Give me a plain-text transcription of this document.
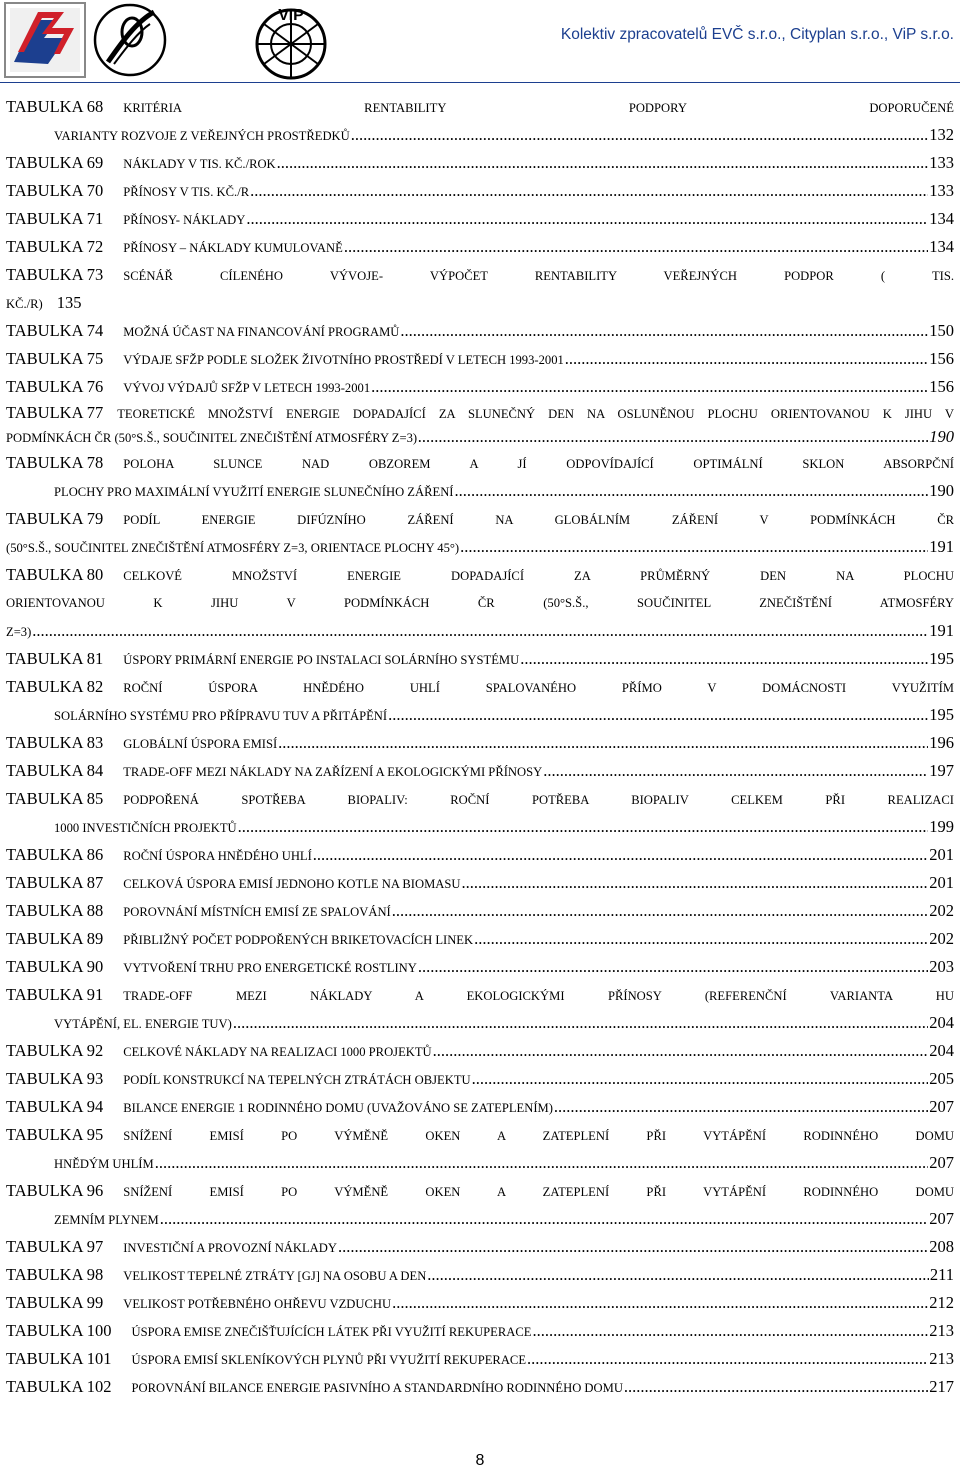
ViP
Kolektiv zpracovatelů EVČ s.r.o., Cityplan s.r.o., ViP s.r.o.
TABULKA 68 KRITÉRIA RENTABILITY PODPORY DOPORUČENÉ
VARIANTY ROZVOJE Z VEŘEJNÝCH PROSTŘEDKŮ .....	132
TABULKA 69 NÁKLADY V TIS. KČ./ROK .....	133
TABULKA 70 PŘÍNOSY V TIS. KČ./R .....	133
TABULKA 71 PŘÍNOSY- NÁKLADY .....	134
TABULKA 72 PŘÍNOSY – NÁKLADY KUMULOVANĚ .....	134
TABULKA 73 SCÉNÁŘ CÍLENÉHO VÝVOJE- VÝPOČET RENTABILITY VEŘEJNÝCH PODPOR ( TIS.
KČ./R) 135
TABULKA 74 MOŽNÁ ÚČAST NA FINANCOVÁNÍ PROGRAMŮ .....	150
TABULKA 75 VÝDAJE SFŽP PODLE SLOŽEK ŽIVOTNÍHO PROSTŘEDÍ V LETECH 1993-2001 .....	156
TABULKA 76 VÝVOJ VÝDAJŮ SFŽP V LETECH 1993-2001 .....	156
TABULKA 77 TEORETICKÉ MNOŽSTVÍ ENERGIE DOPADAJÍCÍ ZA SLUNEČNÝ DEN NA OSLUNĚNOU PLOCHU ORIENTOVANOU K JIHU V
PODMÍNKÁCH ČR (50°S.Š., SOUČINITEL ZNEČIŠTĚNÍ ATMOSFÉRY Z=3) .....	190
TABULKA 78 POLOHA SLUNCE NAD OBZOREM A JÍ ODPOVÍDAJÍCÍ OPTIMÁLNÍ SKLON ABSORPČNÍ
PLOCHY PRO MAXIMÁLNÍ VYUŽITÍ ENERGIE SLUNEČNÍHO ZÁŘENÍ .....	190
TABULKA 79 PODÍL ENERGIE DIFÚZNÍHO ZÁŘENÍ NA GLOBÁLNÍM ZÁŘENÍ V PODMÍNKÁCH ČR
(50°S.Š., SOUČINITEL ZNEČIŠTĚNÍ ATMOSFÉRY Z=3, ORIENTACE PLOCHY 45°) .....	191
TABULKA 80 CELKOVÉ MNOŽSTVÍ ENERGIE DOPADAJÍCÍ ZA PRŮMĚRNÝ DEN NA PLOCHU
ORIENTOVANOU K JIHU V PODMÍNKÁCH ČR (50°S.Š., SOUČINITEL ZNEČIŠTĚNÍ ATMOSFÉRY
Z=3) .....	191
TABULKA 81 ÚSPORY PRIMÁRNÍ ENERGIE PO INSTALACI SOLÁRNÍHO SYSTÉMU .....	195
TABULKA 82 ROČNÍ ÚSPORA HNĚDÉHO UHLÍ SPALOVANÉHO PŘÍMO V DOMÁCNOSTI VYUŽITÍM
SOLÁRNÍHO SYSTÉMU PRO PŘÍPRAVU TUV A PŘITÁPĚNÍ .....	195
TABULKA 83 GLOBÁLNÍ ÚSPORA EMISÍ .....	196
TABULKA 84 TRADE-OFF MEZI NÁKLADY NA ZAŘÍZENÍ A EKOLOGICKÝMI PŘÍNOSY .....	197
TABULKA 85 PODPOŘENÁ SPOTŘEBA BIOPALIV: ROČNÍ POTŘEBA BIOPALIV CELKEM PŘI REALIZACI
1000 INVESTIČNÍCH PROJEKTŮ .....	199
TABULKA 86 ROČNÍ ÚSPORA HNĚDÉHO UHLÍ .....	201
TABULKA 87 CELKOVÁ ÚSPORA EMISÍ JEDNOHO KOTLE NA BIOMASU .....	201
TABULKA 88 POROVNÁNÍ MÍSTNÍCH EMISÍ ZE SPALOVÁNÍ .....	202
TABULKA 89 PŘIBLIŽNÝ POČET PODPOŘENÝCH BRIKETOVACÍCH LINEK .....	202
TABULKA 90 VYTVOŘENÍ TRHU PRO ENERGETICKÉ ROSTLINY .....	203
TABULKA 91 TRADE-OFF MEZI NÁKLADY A EKOLOGICKÝMI PŘÍNOSY (REFERENČNÍ VARIANTA HU
VYTÁPĚNÍ, EL. ENERGIE TUV) .....	204
TABULKA 92 CELKOVÉ NÁKLADY NA REALIZACI 1000 PROJEKTŮ .....	204
TABULKA 93 PODÍL KONSTRUKCÍ NA TEPELNÝCH ZTRÁTÁCH OBJEKTU .....	205
TABULKA 94 BILANCE ENERGIE 1 RODINNÉHO DOMU (UVAŽOVÁNO SE ZATEPLENÍM) .....	207
TABULKA 95 SNÍŽENÍ EMISÍ PO VÝMĚNĚ OKEN A ZATEPLENÍ PŘI VYTÁPĚNÍ RODINNÉHO DOMU
HNĚDÝM UHLÍM .....	207
TABULKA 96 SNÍŽENÍ EMISÍ PO VÝMĚNĚ OKEN A ZATEPLENÍ PŘI VYTÁPĚNÍ RODINNÉHO DOMU
ZEMNÍM PLYNEM .....	207
TABULKA 97 INVESTIČNÍ A PROVOZNÍ NÁKLADY .....	208
TABULKA 98 VELIKOST TEPELNÉ ZTRÁTY [GJ] NA OSOBU A DEN .....	211
TABULKA 99 VELIKOST POTŘEBNÉHO OHŘEVU VZDUCHU .....	212
TABULKA 100 ÚSPORA EMISE ZNEČIŠŤUJÍCÍCH LÁTEK PŘI VYUŽITÍ REKUPERACE .....	213
TABULKA 101 ÚSPORA EMISÍ SKLENÍKOVÝCH PLYNŮ PŘI VYUŽITÍ REKUPERACE .....	213
TABULKA 102 POROVNÁNÍ BILANCE ENERGIE PASIVNÍHO A STANDARDNÍHO RODINNÉHO DOMU .....	217
8
